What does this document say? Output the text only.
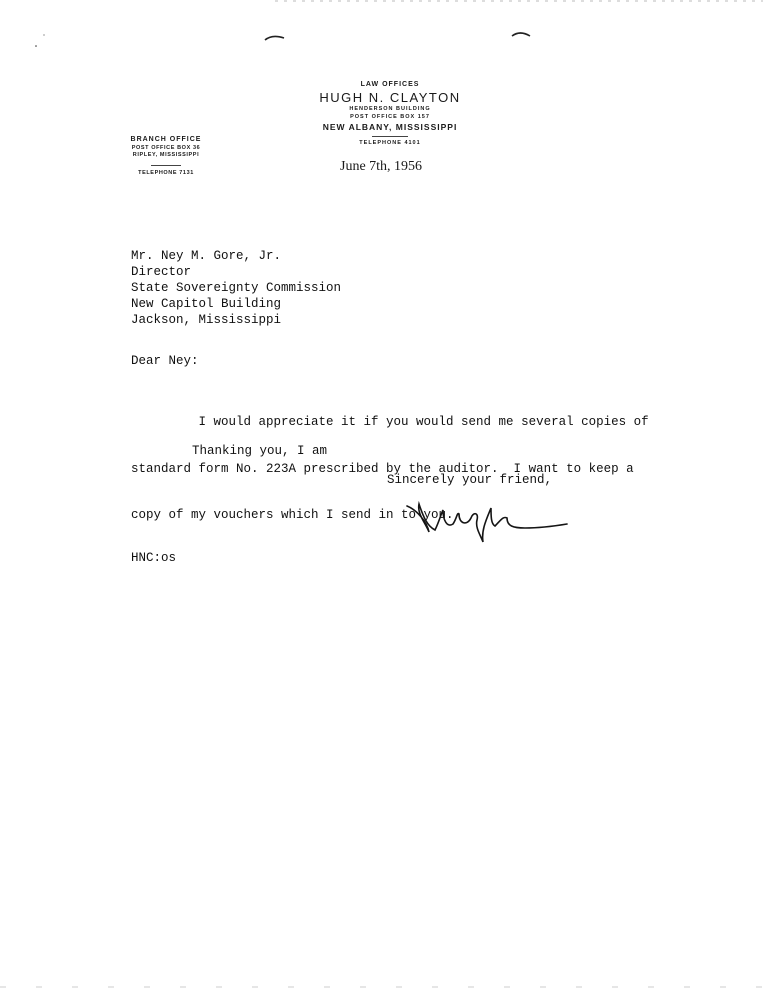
LAW OFFICES
HUGH N. CLAYTON
HENDERSON BUILDING
POST OFFICE BOX 157
NEW ALBANY, MISSISSIPPI
TELEPHONE 4101
BRANCH OFFICE
POST OFFICE BOX 36
RIPLEY, MISSISSIPPI
TELEPHONE 7131	June 7th, 1956
Mr. Ney M. Gore, Jr.
Director
State Sovereignty Commission
New Capitol Building
Jackson, Mississippi
Dear Ney:

I would appreciate it if you would send me several copies of

standard form No. 223A prescribed by the auditor.  I want to keep a

copy of my vouchers which I send in to you.

Thanking you, I am
Sincerely your friend,
HNC:os
